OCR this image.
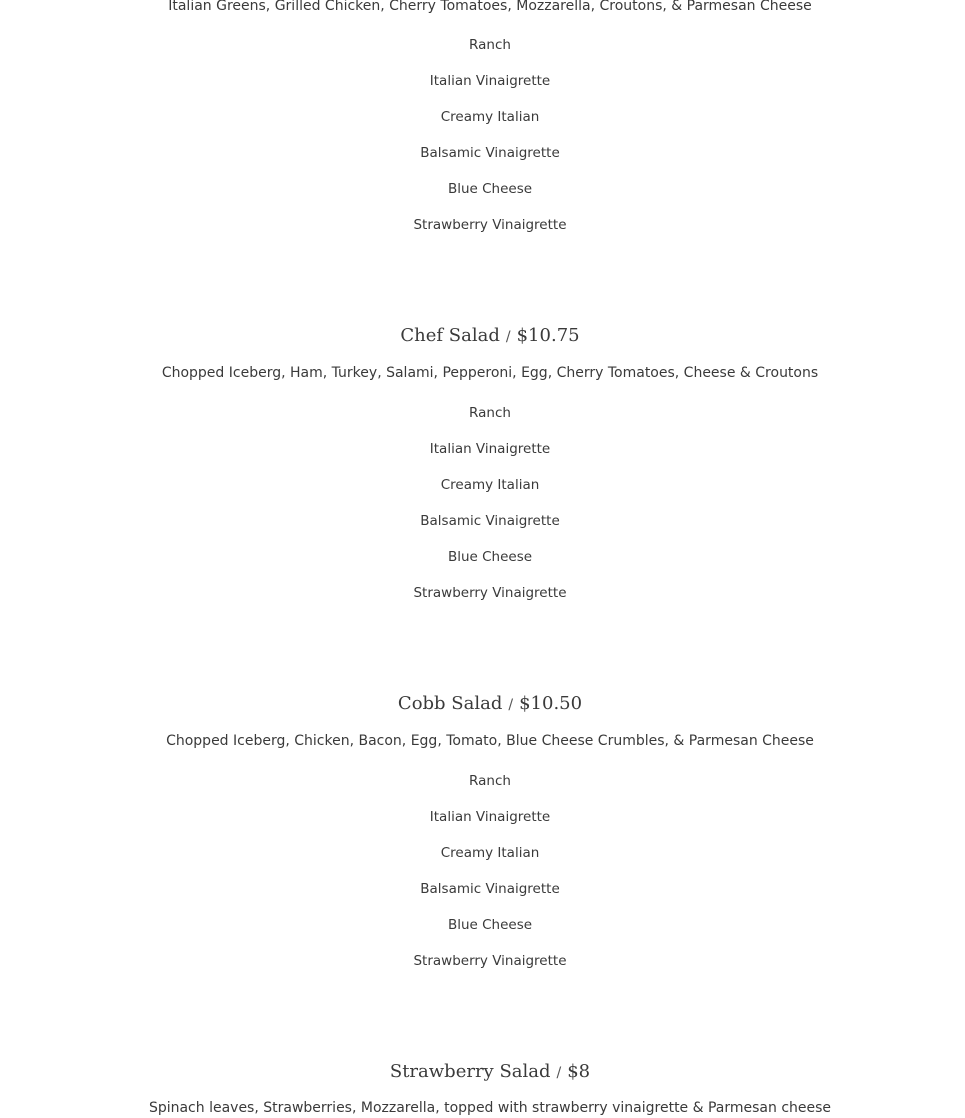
Italian Greens, Grilled Chicken, Cherry Tomatoes, Mozzarella, Croutons, & Parmesan Cheese
Ranch
Italian Vinaigrette
Creamy Italian
Balsamic Vinaigrette
Blue Cheese
Strawberry Vinaigrette
Chef Salad / $10.75
Chopped Iceberg, Ham, Turkey, Salami, Pepperoni, Egg, Cherry Tomatoes, Cheese & Croutons
Ranch
Italian Vinaigrette
Creamy Italian
Balsamic Vinaigrette
Blue Cheese
Strawberry Vinaigrette
Cobb Salad / $10.50
Chopped Iceberg, Chicken, Bacon, Egg, Tomato, Blue Cheese Crumbles, & Parmesan Cheese
Ranch
Italian Vinaigrette
Creamy Italian
Balsamic Vinaigrette
Blue Cheese
Strawberry Vinaigrette
Strawberry Salad / $8
Spinach leaves, Strawberries, Mozzarella, topped with strawberry vinaigrette & Parmesan cheese
